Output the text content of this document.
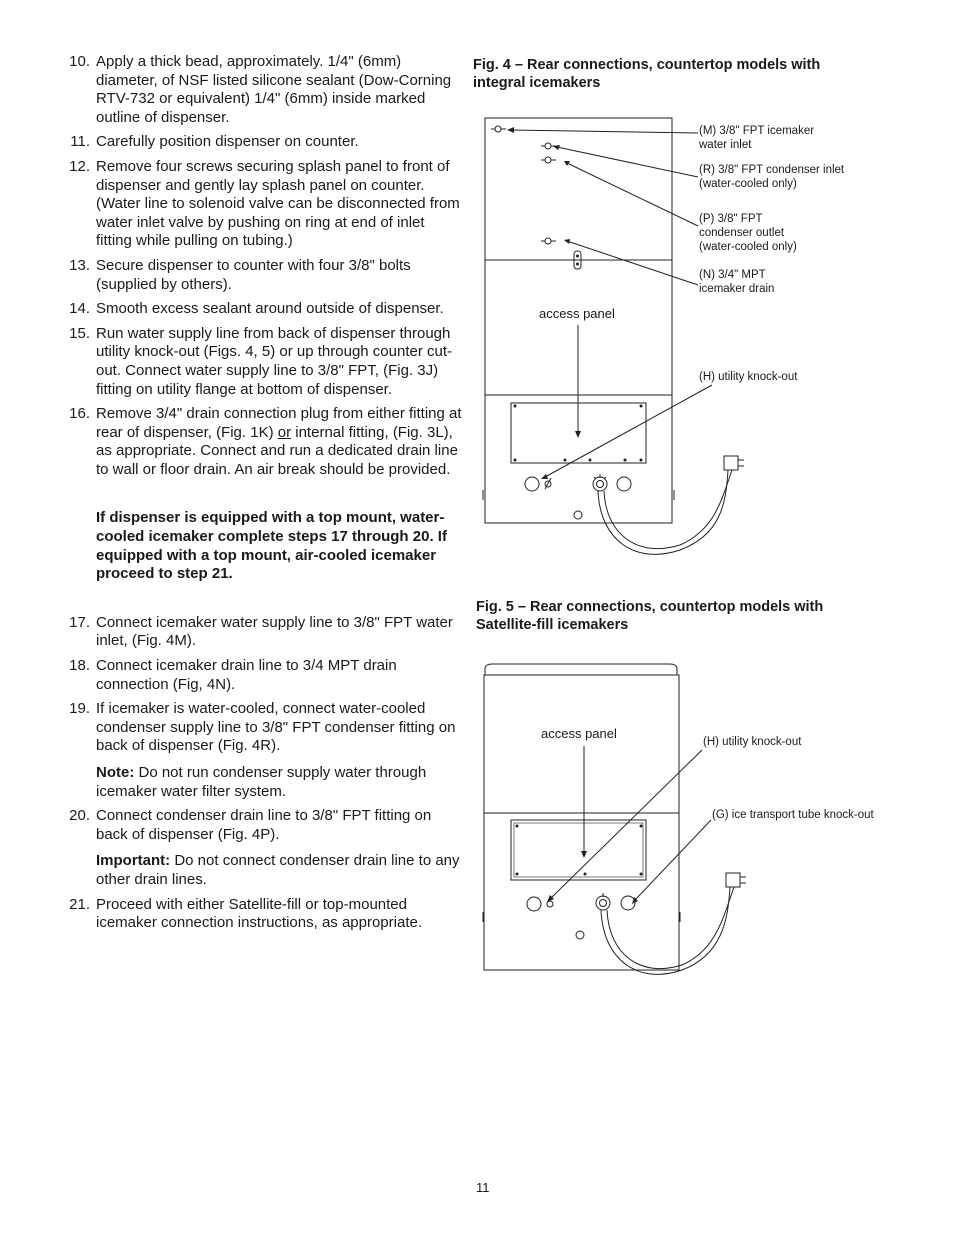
10. Apply a thick bead, approximately. 1/4" (6mm) diameter, of NSF listed silicone sealant (Dow-Corning RTV-732 or equivalent) 1/4" (6mm) inside marked outline of dispenser.

11. Carefully position dispenser on counter.

12. Remove four screws securing splash panel to front of dispenser and gently lay splash panel on counter. (Water line to solenoid valve can be disconnected from water inlet valve by pushing on ring at end of inlet fitting while pulling on tubing.)

13. Secure dispenser to counter with four 3/8" bolts (supplied by others).

14. Smooth excess sealant around outside of dispenser.

15. Run water supply line from back of dispenser through utility knock-out (Figs. 4, 5) or up through counter cut-out. Connect water supply line to 3/8" FPT, (Fig. 3J) fitting on utility flange at bottom of dispenser.

16. Remove 3/4" drain connection plug from either fitting at rear of dispenser, (Fig. 1K) or internal fitting, (Fig. 3L), as appropriate. Connect and run a dedicated drain line to wall or floor drain. An air break should be provided.

If dispenser is equipped with a top mount, water-cooled icemaker complete steps 17 through 20. If equipped with a top mount, air-cooled icemaker proceed to step 21.
17. Connect icemaker water supply line to 3/8" FPT water inlet, (Fig. 4M).

18. Connect icemaker drain line to 3/4 MPT drain connection (Fig, 4N).

19. If icemaker is water-cooled, connect water-cooled condenser supply line to 3/8" FPT condenser fitting on back of dispenser (Fig. 4R).

Note: Do not run condenser supply water through icemaker water filter system.

20. Connect condenser drain line to 3/8" FPT fitting on back of dispenser (Fig. 4P).

Important: Do not connect condenser drain line to any other drain lines.

21. Proceed with either Satellite-fill or top-mounted icemaker connection instructions, as appropriate.

Fig. 4 – Rear connections, countertop models with integral icemakers
Fig. 5 – Rear connections, countertop models with Satellite-fill icemakers
(M) 3/8" FPT icemaker water inlet
(R) 3/8" FPT condenser inlet (water-cooled only)
(P) 3/8" FPT condenser outlet (water-cooled only)
(N) 3/4" MPT icemaker drain
access panel
(H) utility knock-out
access panel
(H) utility knock-out
(G) ice transport tube knock-out
11
